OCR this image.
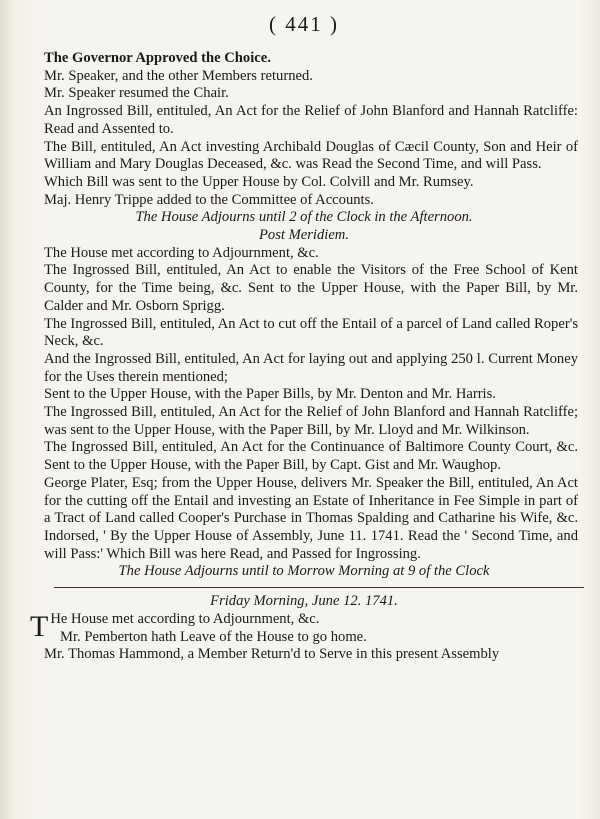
( 441 )
The Governor Approved the Choice.
Mr. Speaker, and the other Members returned.
Mr. Speaker resumed the Chair.
An Ingrossed Bill, entituled, An Act for the Relief of John Blanford and Hannah Ratcliffe: Read and Assented to.
The Bill, entituled, An Act investing Archibald Douglas of Cæcil County, Son and Heir of William and Mary Douglas Deceased, &c. was Read the Second Time, and will Pass.
Which Bill was sent to the Upper House by Col. Colvill and Mr. Rumsey.
Maj. Henry Trippe added to the Committee of Accounts.
The House Adjourns until 2 of the Clock in the Afternoon.
Post Meridiem.
The House met according to Adjournment, &c.
The Ingrossed Bill, entituled, An Act to enable the Visitors of the Free School of Kent County, for the Time being, &c. Sent to the Upper House, with the Paper Bill, by Mr. Calder and Mr. Osborn Sprigg.
The Ingrossed Bill, entituled, An Act to cut off the Entail of a parcel of Land called Roper's Neck, &c.
And the Ingrossed Bill, entituled, An Act for laying out and applying 250 l. Current Money for the Uses therein mentioned;
Sent to the Upper House, with the Paper Bills, by Mr. Denton and Mr. Harris.
The Ingrossed Bill, entituled, An Act for the Relief of John Blanford and Hannah Ratcliffe; was sent to the Upper House, with the Paper Bill, by Mr. Lloyd and Mr. Wilkinson.
The Ingrossed Bill, entituled, An Act for the Continuance of Baltimore County Court, &c. Sent to the Upper House, with the Paper Bill, by Capt. Gist and Mr. Waughop.
George Plater, Esq; from the Upper House, delivers Mr. Speaker the Bill, entituled, An Act for the cutting off the Entail and investing an Estate of Inheritance in Fee Simple in part of a Tract of Land called Cooper's Purchase in Thomas Spalding and Catharine his Wife, &c. Indorsed, ' By the Upper House of Assembly, June 11. 1741. Read the ' Second Time, and will Pass:' Which Bill was here Read, and Passed for Ingrossing.
The House Adjourns until to Morrow Morning at 9 of the Clock
Friday Morning, June 12. 1741.
T He House met according to Adjournment, &c.
Mr. Pemberton hath Leave of the House to go home.
Mr. Thomas Hammond, a Member Return'd to Serve in this present Assembly
